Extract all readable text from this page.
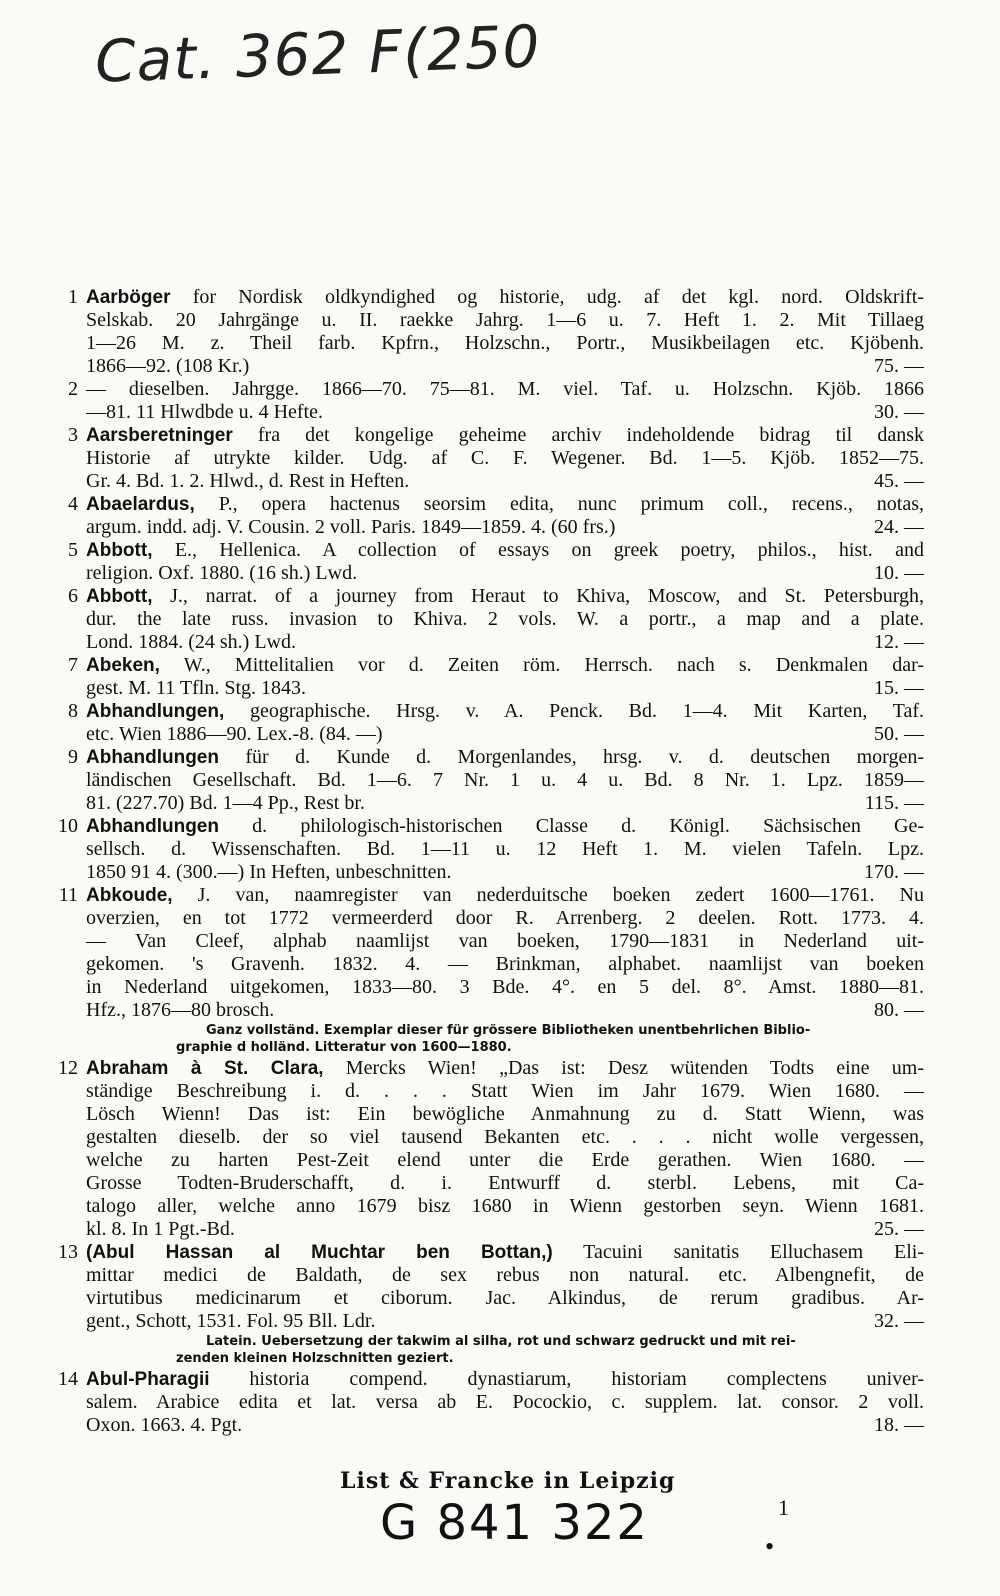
Cat. 362 F(250
1 Aarböger for Nordisk oldkyndighed og historie, udg. af det kgl. nord. Oldskrift-
Selskab. 20 Jahrgänge u. II. raekke Jahrg. 1—6 u. 7. Heft 1. 2. Mit Tillaeg
1—26 M. z. Theil farb. Kpfrn., Holzschn., Portr., Musikbeilagen etc. Kjöbenh.
1866—92. (108 Kr.)	75. —
2 — dieselben. Jahrgge. 1866—70. 75—81. M. viel. Taf. u. Holzschn. Kjöb. 1866
—81. 11 Hlwdbde u. 4 Hefte.	30. —
3 Aarsberetninger fra det kongelige geheime archiv indeholdende bidrag til dansk
Historie af utrykte kilder. Udg. af C. F. Wegener. Bd. 1—5. Kjöb. 1852—75.
Gr. 4. Bd. 1. 2. Hlwd., d. Rest in Heften.	45. —
4 Abaelardus, P., opera hactenus seorsim edita, nunc primum coll., recens., notas,
argum. indd. adj. V. Cousin. 2 voll. Paris. 1849—1859. 4. (60 frs.)	24. —
5 Abbott, E., Hellenica. A collection of essays on greek poetry, philos., hist. and
religion. Oxf. 1880. (16 sh.) Lwd.	10. —
6 Abbott, J., narrat. of a journey from Heraut to Khiva, Moscow, and St. Petersburgh,
dur. the late russ. invasion to Khiva. 2 vols. W. a portr., a map and a plate.
Lond. 1884. (24 sh.) Lwd.	12. —
7 Abeken, W., Mittelitalien vor d. Zeiten röm. Herrsch. nach s. Denkmalen dar-
gest. M. 11 Tfln. Stg. 1843.	15. —
8 Abhandlungen, geographische. Hrsg. v. A. Penck. Bd. 1—4. Mit Karten, Taf.
etc. Wien 1886—90. Lex.-8. (84. —)	50. —
9 Abhandlungen für d. Kunde d. Morgenlandes, hrsg. v. d. deutschen morgen-
ländischen Gesellschaft. Bd. 1—6. 7 Nr. 1 u. 4 u. Bd. 8 Nr. 1. Lpz. 1859—
81. (227.70) Bd. 1—4 Pp., Rest br.	115. —
10 Abhandlungen d. philologisch-historischen Classe d. Königl. Sächsischen Ge-
sellsch. d. Wissenschaften. Bd. 1—11 u. 12 Heft 1. M. vielen Tafeln. Lpz.
1850 91 4. (300.—) In Heften, unbeschnitten.	170. —
11 Abkoude, J. van, naamregister van nederduitsche boeken zedert 1600—1761. Nu
overzien, en tot 1772 vermeerderd door R. Arrenberg. 2 deelen. Rott. 1773. 4.
— Van Cleef, alphab naamlijst van boeken, 1790—1831 in Nederland uit-
gekomen. 's Gravenh. 1832. 4. — Brinkman, alphabet. naamlijst van boeken
in Nederland uitgekomen, 1833—80. 3 Bde. 4°. en 5 del. 8°. Amst. 1880—81.
Hfz., 1876—80 brosch.	80. —
Ganz vollständ. Exemplar dieser für grössere Bibliotheken unentbehrlichen Biblio-
graphie d holländ. Litteratur von 1600—1880.
12 Abraham à St. Clara, Mercks Wien! „Das ist: Desz wütenden Todts eine um-
ständige Beschreibung i. d. . . . Statt Wien im Jahr 1679. Wien 1680. —
Lösch Wienn! Das ist: Ein bewögliche Anmahnung zu d. Statt Wienn, was
gestalten dieselb. der so viel tausend Bekanten etc. . . . nicht wolle vergessen,
welche zu harten Pest-Zeit elend unter die Erde gerathen. Wien 1680. —
Grosse Todten-Bruderschafft, d. i. Entwurff d. sterbl. Lebens, mit Ca-
talogo aller, welche anno 1679 bisz 1680 in Wienn gestorben seyn. Wienn 1681.
kl. 8. In 1 Pgt.-Bd.	25. —
13 (Abul Hassan al Muchtar ben Bottan,) Tacuini sanitatis Elluchasem Eli-
mittar medici de Baldath, de sex rebus non natural. etc. Albengnefit, de
virtutibus medicinarum et ciborum. Jac. Alkindus, de rerum gradibus. Ar-
gent., Schott, 1531. Fol. 95 Bll. Ldr.	32. —
Latein. Uebersetzung der takwim al silha, rot und schwarz gedruckt und mit rei-
zenden kleinen Holzschnitten geziert.
14 Abul-Pharagii historia compend. dynastiarum, historiam complectens univer-
salem. Arabice edita et lat. versa ab E. Pocockio, c. supplem. lat. consor. 2 voll.
Oxon. 1663. 4. Pgt.	18. —
List & Francke in Leipzig
G 841 322	1
•
